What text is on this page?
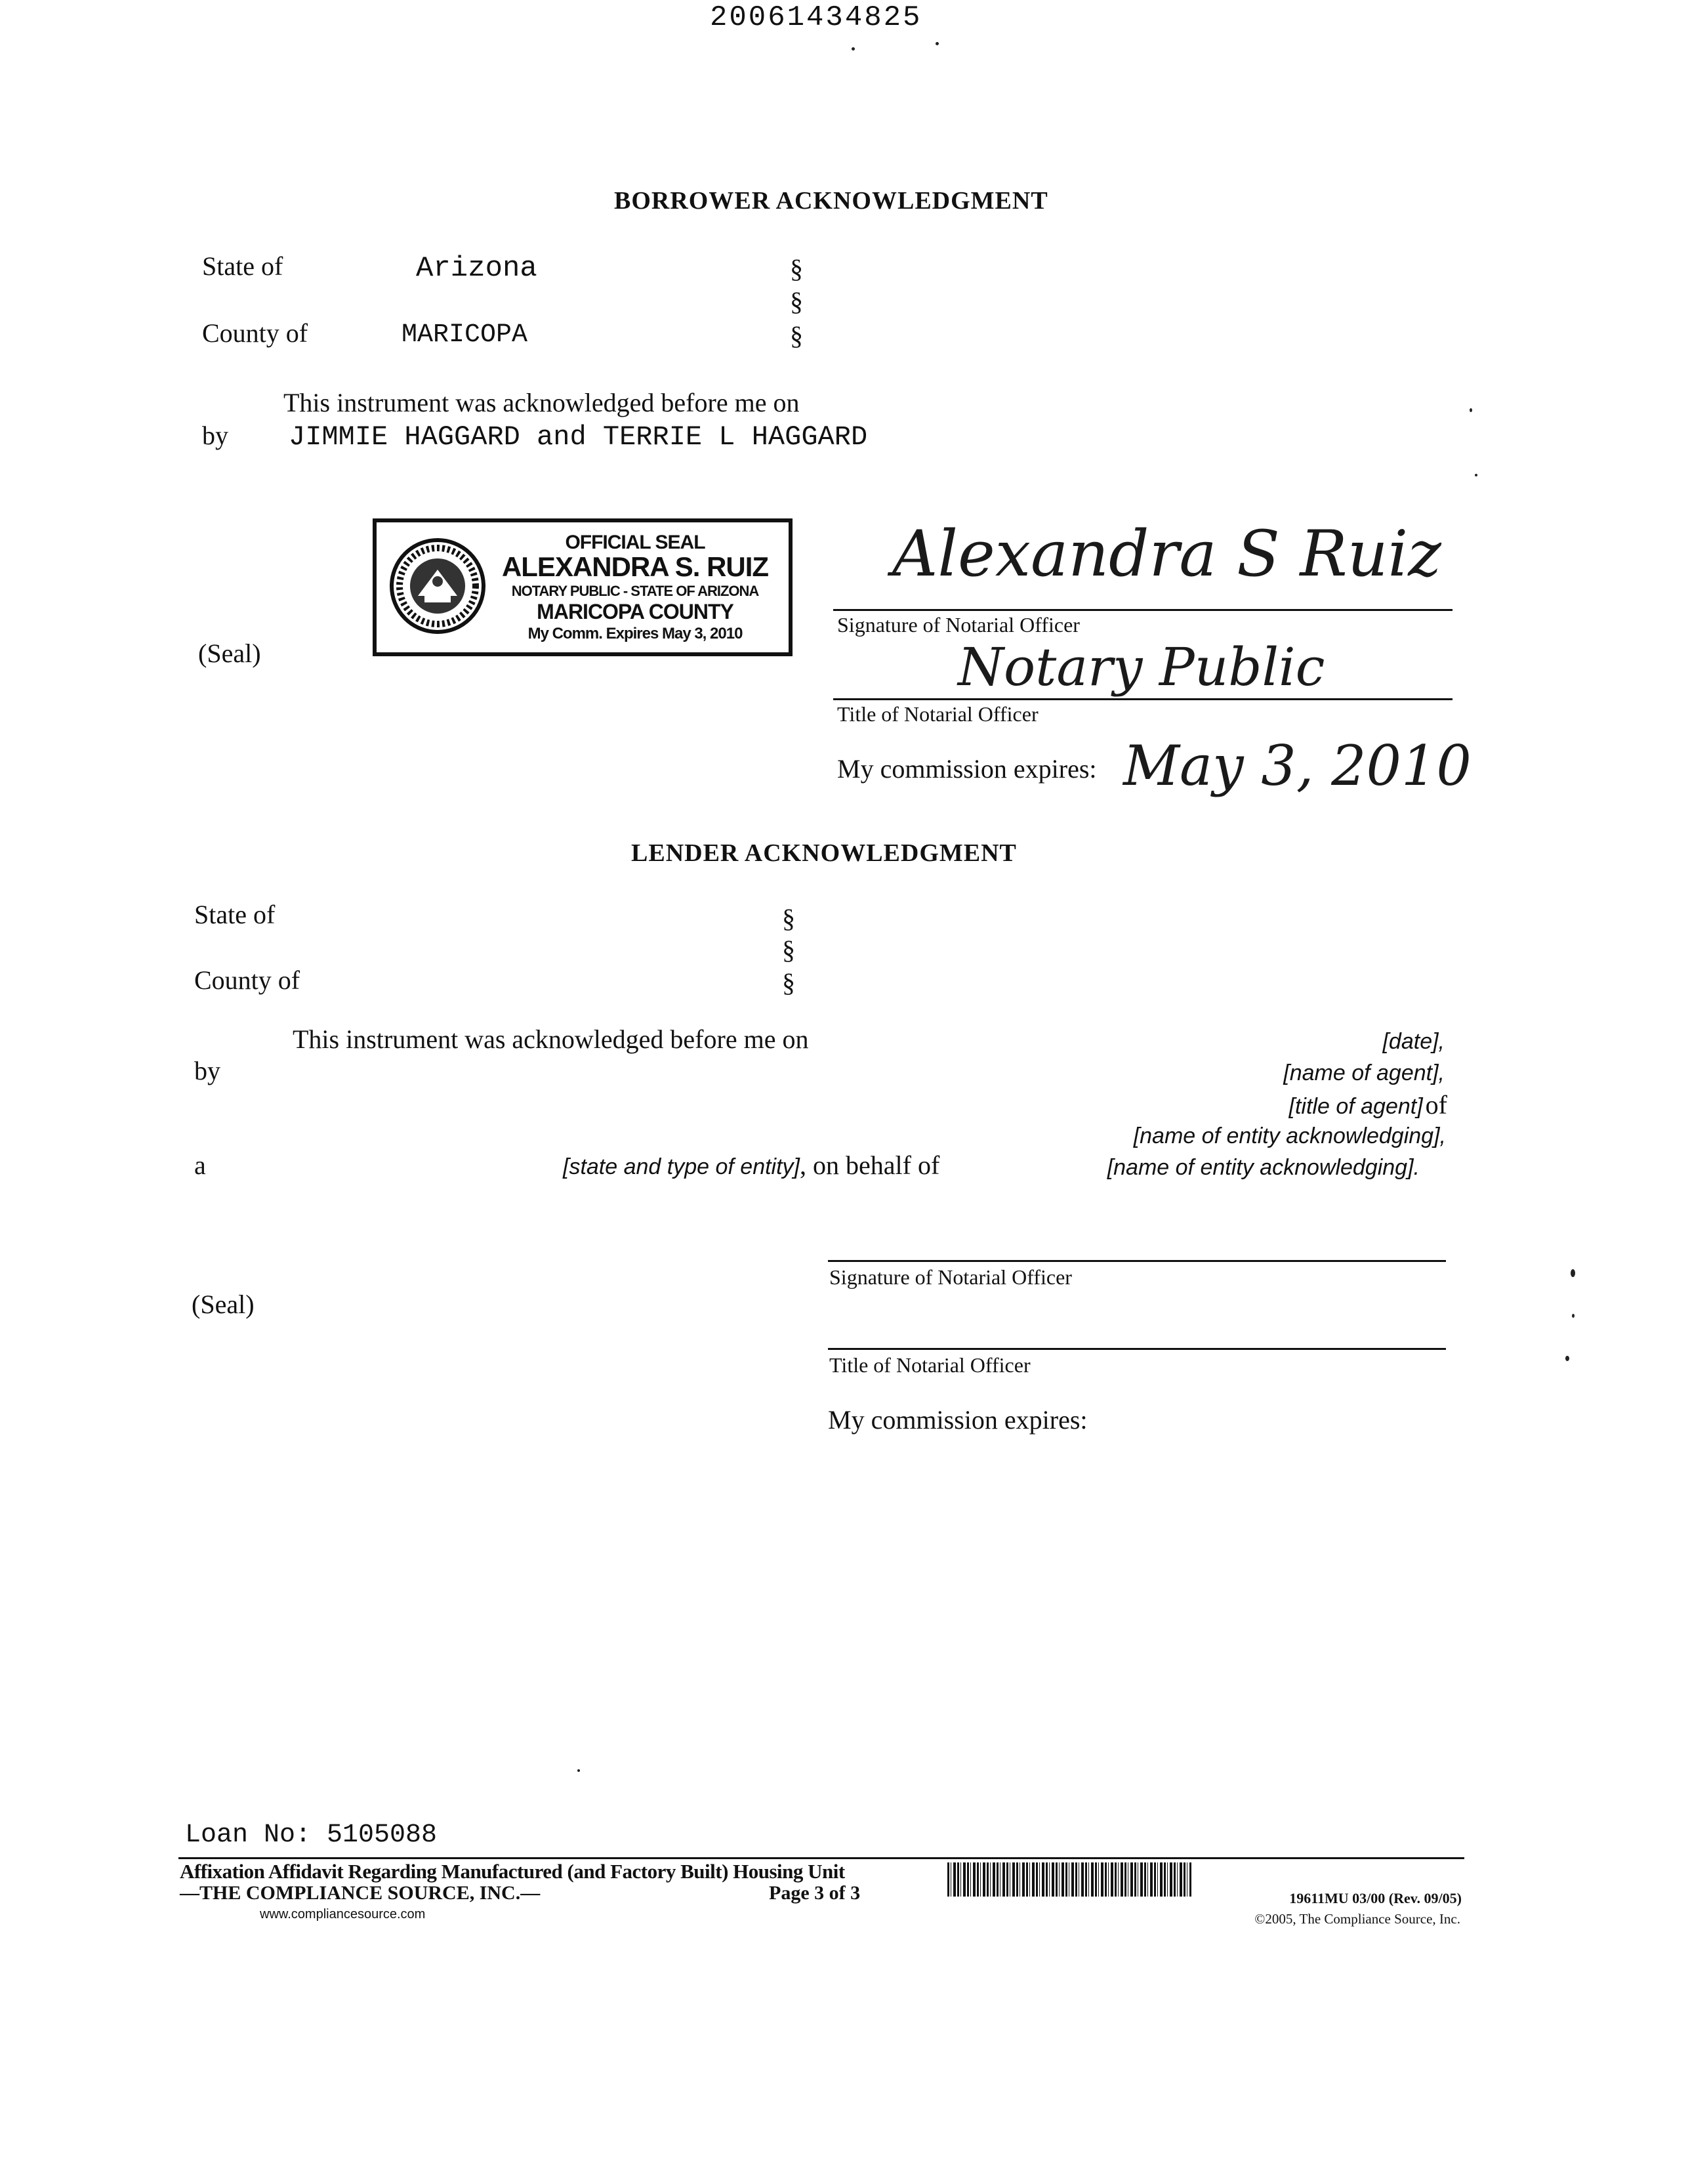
20061434825
BORROWER ACKNOWLEDGMENT
State of	Arizona
County of	MARICOPA
§
§
§
This instrument was acknowledged before me on
by JIMMIE HAGGARD and TERRIE L HAGGARD
OFFICIAL SEAL
ALEXANDRA S. RUIZ
NOTARY PUBLIC - STATE OF ARIZONA
MARICOPA COUNTY
My Comm. Expires May 3, 2010
(Seal)
Alexandra S Ruiz
Signature of Notarial Officer
Notary Public
Title of Notarial Officer
My commission expires: May 3, 2010
LENDER ACKNOWLEDGMENT
State of
County of
§
§
§
This instrument was acknowledged before me on	[date],
by	[name of agent],
[title of agent] of
[name of entity acknowledging],
a	[state and type of entity], on behalf of	[name of entity acknowledging].
Signature of Notarial Officer
(Seal)
Title of Notarial Officer
My commission expires:
Loan No: 5105088
Affixation Affidavit Regarding Manufactured (and Factory Built) Housing Unit
—THE COMPLIANCE SOURCE, INC.—	Page 3 of 3
www.compliancesource.com
19611MU 03/00 (Rev. 09/05)
©2005, The Compliance Source, Inc.
